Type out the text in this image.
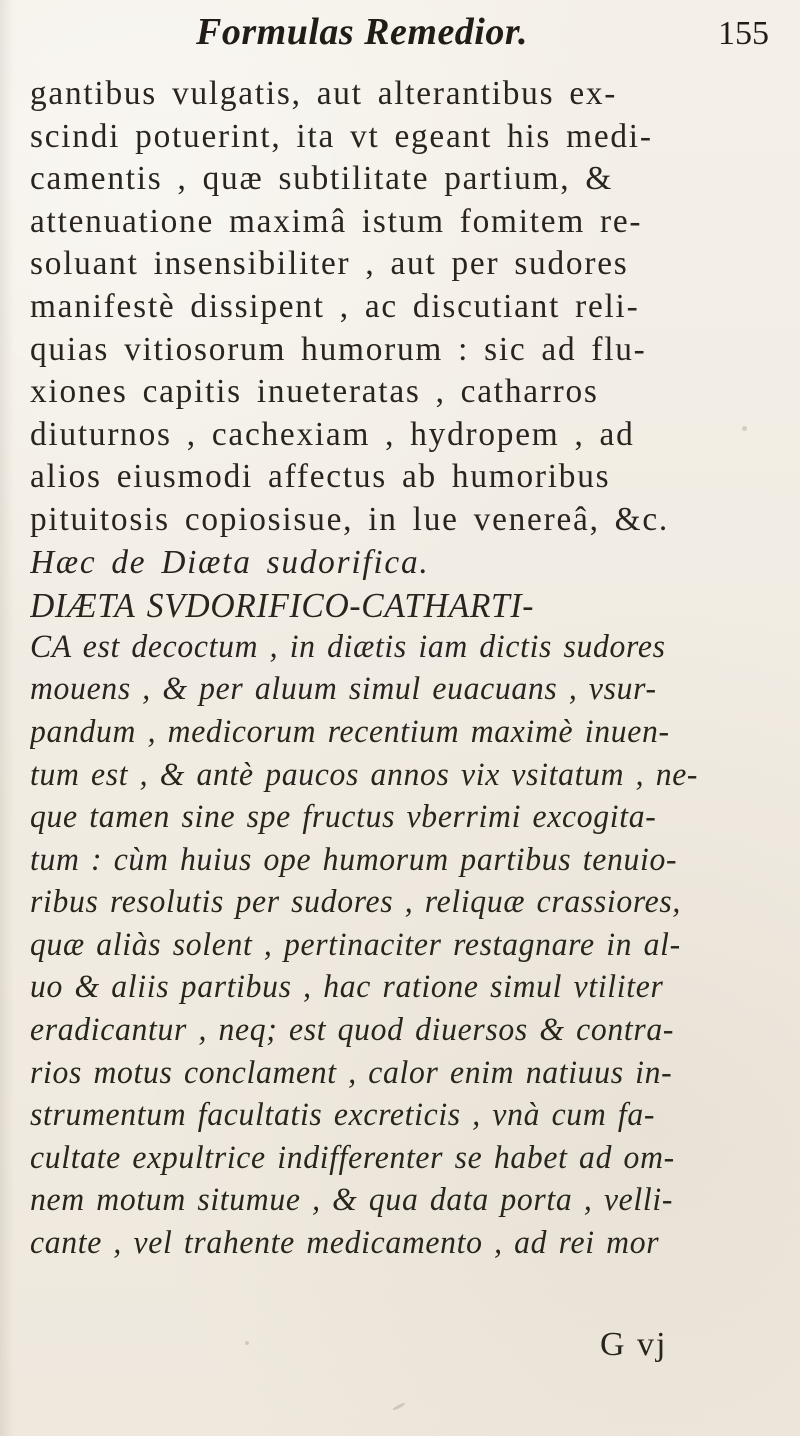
Formulas Remedior.	155
gantibus vulgatis, aut alterantibus ex-
scindi potuerint, ita vt egeant his medi-
camentis , quæ subtilitate partium, &
attenuatione maximâ istum fomitem re-
soluant insensibiliter , aut per sudores
manifestè dissipent , ac discutiant reli-
quias vitiosorum humorum : sic ad flu-
xiones capitis inueteratas , catharros
diuturnos , cachexiam , hydropem , ad
alios eiusmodi affectus ab humoribus
pituitosis copiosisue, in lue venereâ, &c.
Hæc de Diæta sudorifica.
DIÆTA SVDORIFICO-CATHARTI-
CA est decoctum , in diætis iam dictis sudores
mouens , & per aluum simul euacuans , vsur-
pandum , medicorum recentium maximè inuen-
tum est , & antè paucos annos vix vsitatum , ne-
que tamen sine spe fructus vberrimi excogita-
tum : cùm huius ope humorum partibus tenuio-
ribus resolutis per sudores , reliquæ crassiores,
quæ aliàs solent , pertinaciter restagnare in al-
uo & aliis partibus , hac ratione simul vtiliter
eradicantur , neq; est quod diuersos & contra-
rios motus conclament , calor enim natiuus in-
strumentum facultatis excreticis , vnà cum fa-
cultate expultrice indifferenter se habet ad om-
nem motum situmue , & qua data porta , velli-
cante , vel trahente medicamento , ad rei mor
G vj
